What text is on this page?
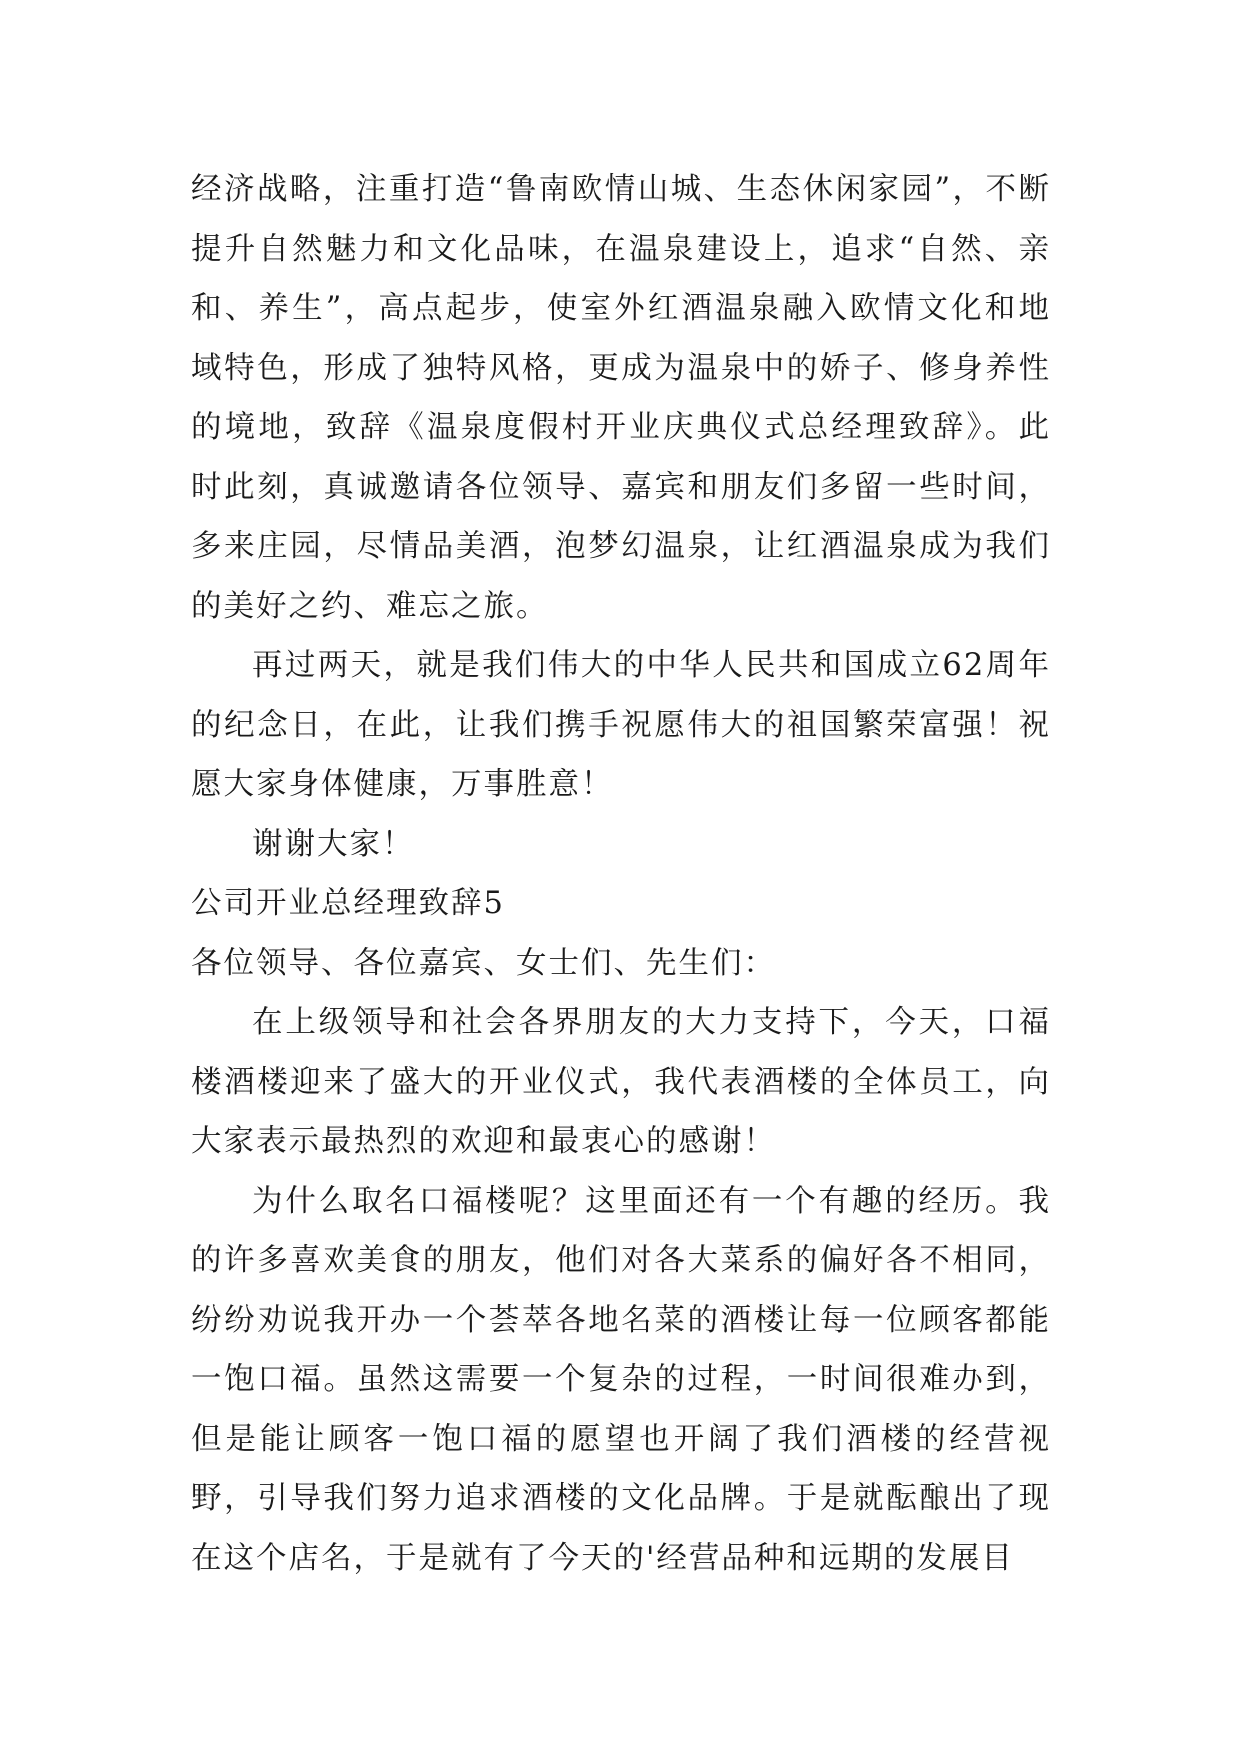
经济战略，注重打造“鲁南欧情山城、生态休闲家园”，不断提升自然魅力和文化品味，在温泉建设上，追求“自然、亲和、养生”，高点起步，使室外红酒温泉融入欧情文化和地域特色，形成了独特风格，更成为温泉中的娇子、修身养性的境地，致辞《温泉度假村开业庆典仪式总经理致辞》。此时此刻，真诚邀请各位领导、嘉宾和朋友们多留一些时间，多来庄园，尽情品美酒，泡梦幻温泉，让红酒温泉成为我们的美好之约、难忘之旅。

再过两天，就是我们伟大的中华人民共和国成立62周年的纪念日，在此，让我们携手祝愿伟大的祖国繁荣富强！祝愿大家身体健康，万事胜意！

谢谢大家！

公司开业总经理致辞5

各位领导、各位嘉宾、女士们、先生们：

在上级领导和社会各界朋友的大力支持下，今天，口福楼酒楼迎来了盛大的开业仪式，我代表酒楼的全体员工，向大家表示最热烈的欢迎和最衷心的感谢！

为什么取名口福楼呢？这里面还有一个有趣的经历。我的许多喜欢美食的朋友，他们对各大菜系的偏好各不相同，纷纷劝说我开办一个荟萃各地名菜的酒楼让每一位顾客都能一饱口福。虽然这需要一个复杂的过程，一时间很难办到，但是能让顾客一饱口福的愿望也开阔了我们酒楼的经营视野，引导我们努力追求酒楼的文化品牌。于是就酝酿出了现在这个店名，于是就有了今天的'经营品种和远期的发展目
